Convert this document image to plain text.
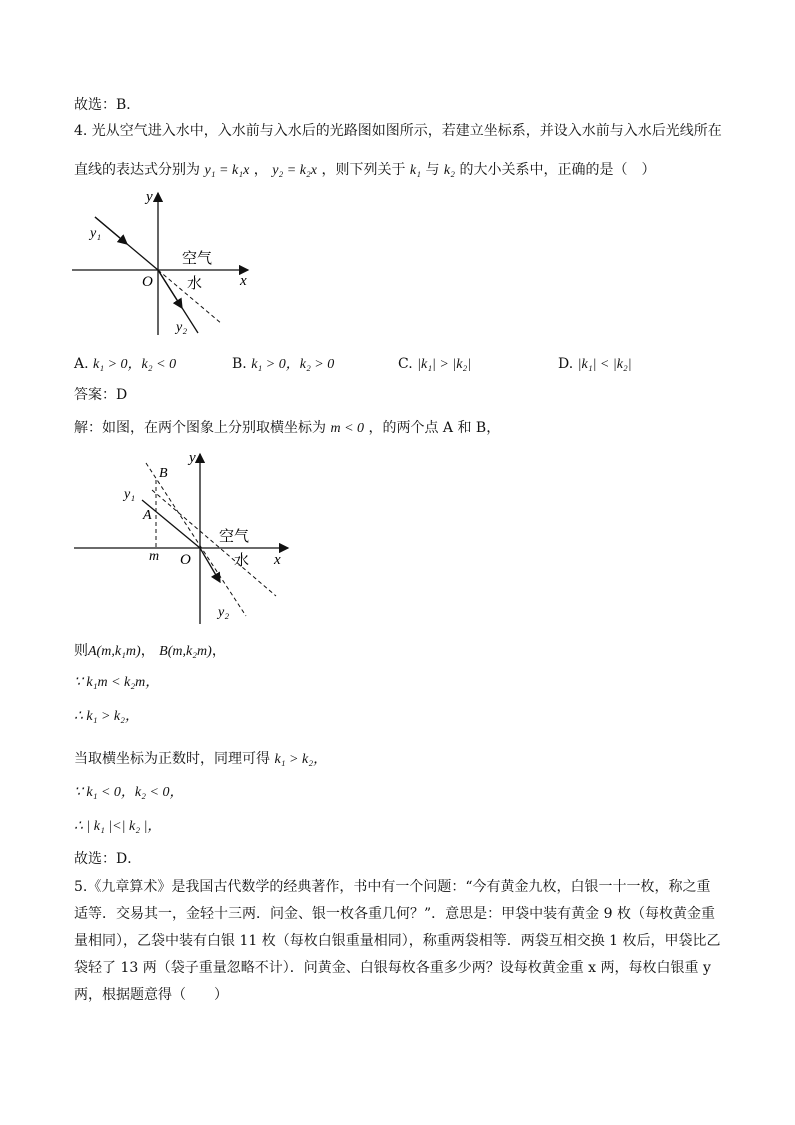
故选：B．
4. 光从空气进入水中，入水前与入水后的光路图如图所示，若建立坐标系，并设入水前与入水后光线所在
直线的表达式分别为 y₁ = k₁x ， y₂ = k₂x ，则下列关于 k₁ 与 k₂ 的大小关系中，正确的是（　）
y
x
O
y₁
y₂
空气
水
A. k₁ > 0，k₂ < 0	B. k₁ > 0，k₂ > 0	C. |k₁| > |k₂|	D. |k₁| < |k₂|
答案：D
解：如图，在两个图象上分别取横坐标为 m < 0 ，的两个点 A 和 B，
y
x
O
y₁
y₂
B
A
m
空气
水
则A(m,k₁m)， B(m,k₂m)，
∵ k₁m < k₂m，
∴ k₁ > k₂，
当取横坐标为正数时，同理可得 k₁ > k₂，
∵ k₁ < 0，k₂ < 0，
∴ | k₁ |<| k₂ |，
故选：D．
5.《九章算术》是我国古代数学的经典著作，书中有一个问题：“今有黄金九枚，白银一十一枚，称之重
适等．交易其一，金轻十三两．问金、银一枚各重几何？”．意思是：甲袋中装有黄金 9 枚（每枚黄金重
量相同），乙袋中装有白银 11 枚（每枚白银重量相同），称重两袋相等．两袋互相交换 1 枚后，甲袋比乙
袋轻了 13 两（袋子重量忽略不计）．问黄金、白银每枚各重多少两？设每枚黄金重 x 两，每枚白银重 y
两，根据题意得（　　）
